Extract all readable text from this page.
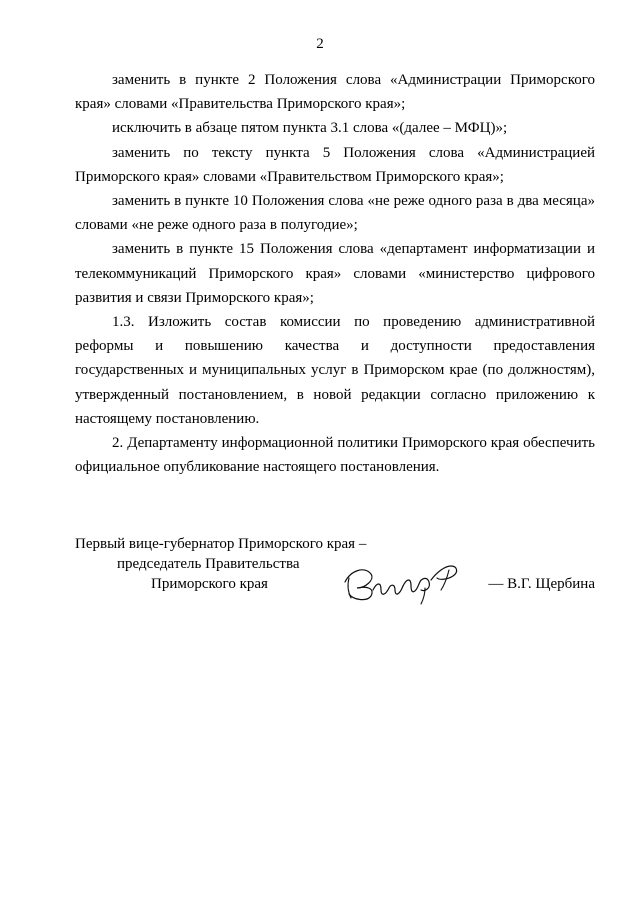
2

заменить в пункте 2 Положения слова «Администрации Приморского края» словами «Правительства Приморского края»;

исключить в абзаце пятом пункта 3.1 слова «(далее – МФЦ)»;

заменить по тексту пункта 5 Положения слова «Администрацией Приморского края» словами «Правительством Приморского края»;

заменить в пункте 10 Положения слова «не реже одного раза в два месяца» словами «не реже одного раза в полугодие»;

заменить в пункте 15 Положения слова «департамент информатизации и телекоммуникаций Приморского края» словами «министерство цифрового развития и связи Приморского края»;

1.3. Изложить состав комиссии по проведению административной реформы и повышению качества и доступности предоставления государственных и муниципальных услуг в Приморском крае (по должностям), утвержденный постановлением, в новой редакции согласно приложению к настоящему постановлению.

2. Департаменту информационной политики Приморского края обеспечить официальное опубликование настоящего постановления.

Первый вице-губернатор Приморского края –
председатель Правительства
Приморского края	— В.Г. Щербина
